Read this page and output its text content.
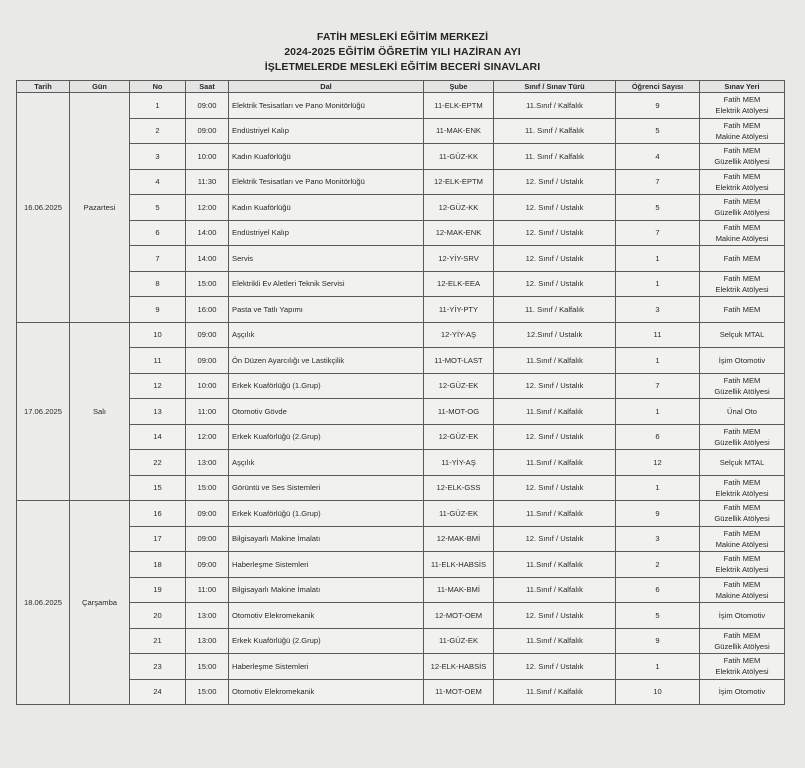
FATİH MESLEKİ EĞİTİM MERKEZİ
2024-2025 EĞİTİM ÖĞRETİM YILI HAZİRAN AYI
İŞLETMELERDE MESLEKİ EĞİTİM BECERİ SINAVLARI
Tarih	Gün	No	Saat	Dal	Şube	Sınıf / Sınav Türü	Öğrenci Sayısı	Sınav Yeri
16.06.2025	Pazartesi	1	09:00	Elektrik Tesisatları ve Pano Monitörlüğü	11-ELK-EPTM	11.Sınıf / Kalfalık	9	Fatih MEM
Elektrik Atölyesi

		2	09:00	Endüstriyel Kalıp	11-MAK-ENK	11. Sınıf / Kalfalık	5	Fatih MEM
Makine Atölyesi

		3	10:00	Kadın Kuaförlüğü	11-GÜZ-KK	11. Sınıf / Kalfalık	4	Fatih MEM
Güzellik Atölyesi

		4	11:30	Elektrik Tesisatları ve Pano Monitörlüğü	12-ELK-EPTM	12. Sınıf / Ustalık	7	Fatih MEM
Elektrik Atölyesi

		5	12:00	Kadın Kuaförlüğü	12-GÜZ-KK	12. Sınıf / Ustalık	5	Fatih MEM
Güzellik Atölyesi

		6	14:00	Endüstriyel Kalıp	12-MAK-ENK	12. Sınıf / Ustalık	7	Fatih MEM
Makine Atölyesi

		7	14:00	Servis	12-YİY-SRV	12. Sınıf / Ustalık	1	Fatih MEM

		8	15:00	Elektrikli Ev Aletleri Teknik Servisi	12-ELK-EEA	12. Sınıf / Ustalık	1	Fatih MEM
Elektrik Atölyesi

		9	16:00	Pasta ve Tatlı Yapımı	11-YİY-PTY	11. Sınıf / Kalfalık	3	Fatih MEM

17.06.2025	Salı	10	09:00	Aşçılık	12-YİY-AŞ	12.Sınıf / Ustalık	11	Selçuk MTAL

		11	09:00	Ön Düzen Ayarcılığı ve Lastikçilik	11-MOT-LAST	11.Sınıf / Kalfalık	1	İşim Otomotiv

		12	10:00	Erkek Kuaförlüğü (1.Grup)	12-GÜZ-EK	12. Sınıf / Ustalık	7	Fatih MEM
Güzellik Atölyesi

		13	11:00	Otomotiv Gövde	11-MOT-OG	11.Sınıf / Kalfalık	1	Ünal Oto

		14	12:00	Erkek Kuaförlüğü (2.Grup)	12-GÜZ-EK	12. Sınıf / Ustalık	6	Fatih MEM
Güzellik Atölyesi

		22	13:00	Aşçılık	11-YİY-AŞ	11.Sınıf / Kalfalık	12	Selçuk MTAL

		15	15:00	Görüntü ve Ses Sistemleri	12-ELK-GSS	12. Sınıf / Ustalık	1	Fatih MEM
Elektrik Atölyesi

18.06.2025	Çarşamba	16	09:00	Erkek Kuaförlüğü (1.Grup)	11-GÜZ-EK	11.Sınıf / Kalfalık	9	Fatih MEM
Güzellik Atölyesi

		17	09:00	Bilgisayarlı Makine İmalatı	12-MAK-BMİ	12. Sınıf / Ustalık	3	Fatih MEM
Makine Atölyesi

		18	09:00	Haberleşme Sistemleri	11-ELK-HABSİS	11.Sınıf / Kalfalık	2	Fatih MEM
Elektrik Atölyesi

		19	11:00	Bilgisayarlı Makine İmalatı	11-MAK-BMİ	11.Sınıf / Kalfalık	6	Fatih MEM
Makine Atölyesi

		20	13:00	Otomotiv Elekromekanik	12-MOT-OEM	12. Sınıf / Ustalık	5	İşim Otomotiv

		21	13:00	Erkek Kuaförlüğü (2.Grup)	11-GÜZ-EK	11.Sınıf / Kalfalık	9	Fatih MEM
Güzellik Atölyesi

		23	15:00	Haberleşme Sistemleri	12-ELK-HABSİS	12. Sınıf / Ustalık	1	Fatih MEM
Elektrik Atölyesi

		24	15:00	Otomotiv Elekromekanik	11-MOT-OEM	11.Sınıf / Kalfalık	10	İşim Otomotiv
